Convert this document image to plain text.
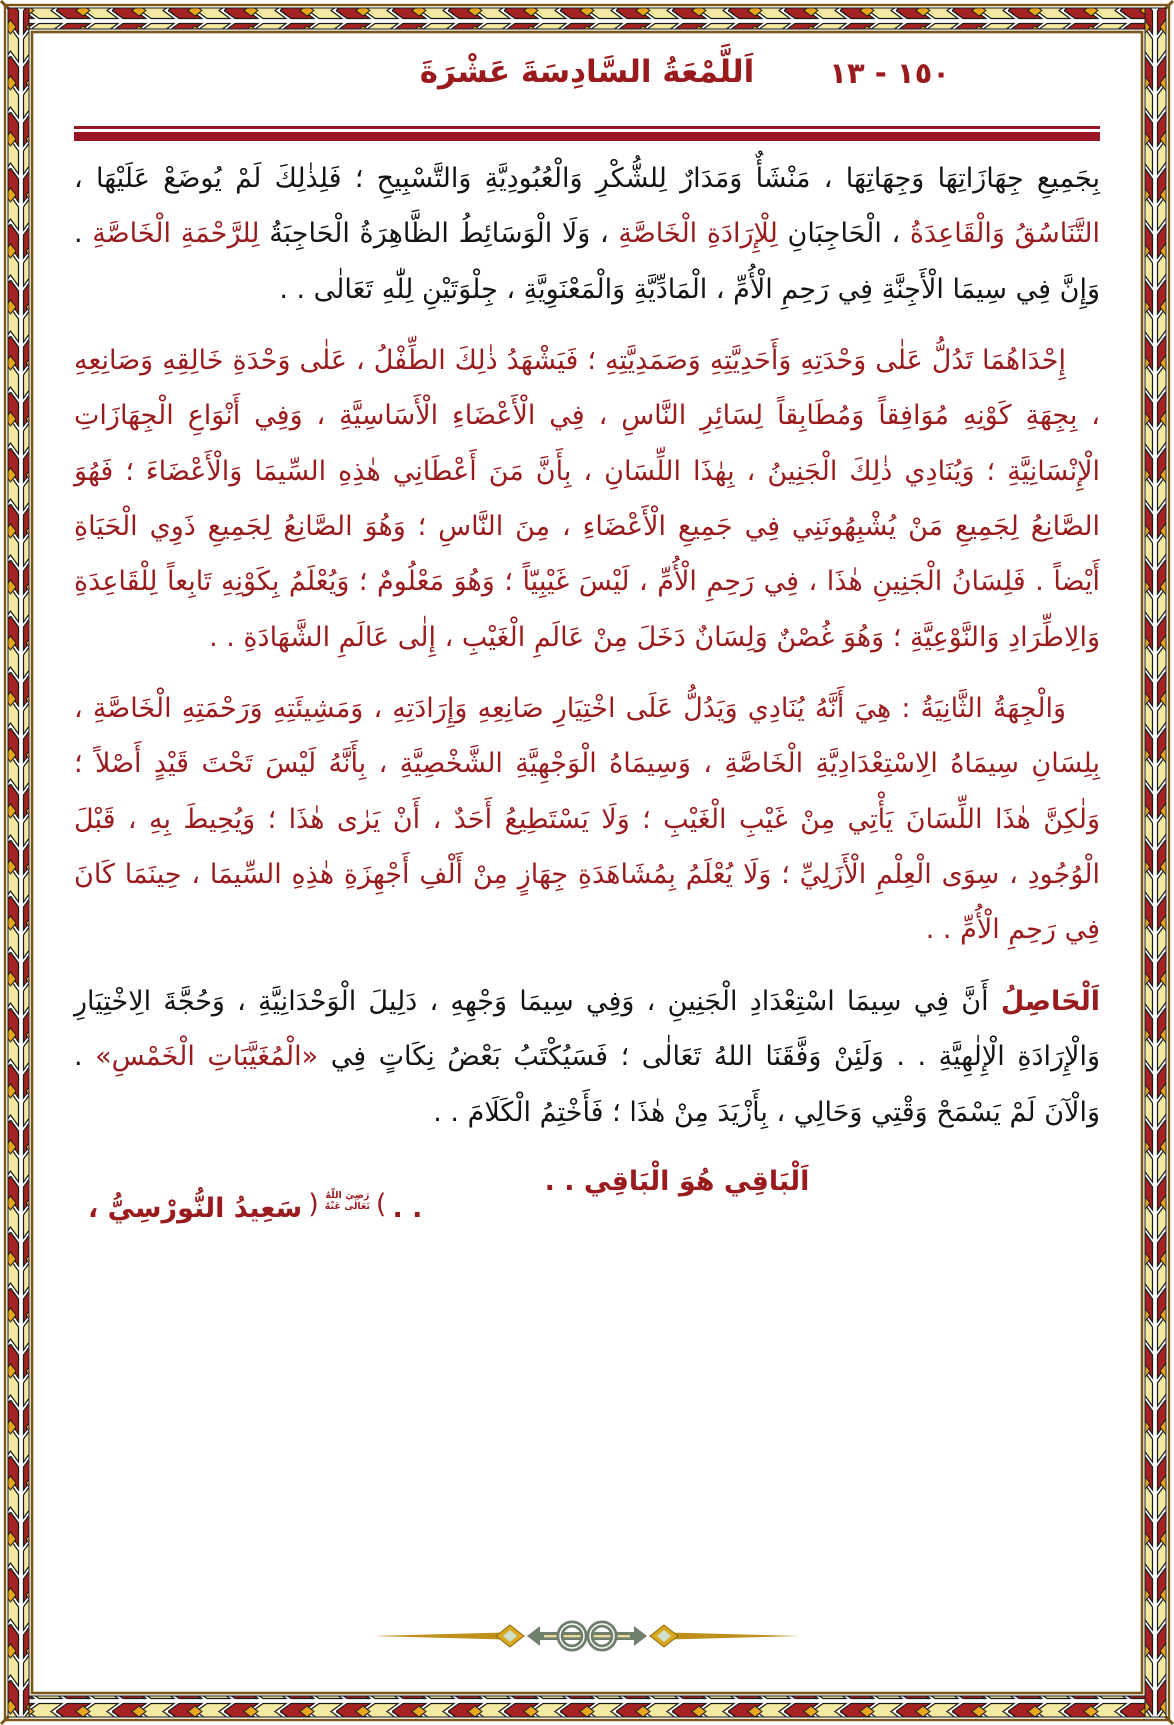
١٥٠ - ١٣
اَللَّمْعَةُ السَّادِسَةَ عَشْرَةَ

بِجَمِيعِ جِهَازَاتِهَا وَجِهَاتِهَا ، مَنْشَأٌ وَمَدَارٌ لِلشُّكْرِ وَالْعُبُودِيَّةِ وَالتَّسْبِيحِ ؛ فَلِذٰلِكَ لَمْ يُوضَعْ عَلَيْهَا ، التَّنَاسُقُ وَالْقَاعِدَةُ ، الْحَاجِبَانِ لِلْإِرَادَةِ الْخَاصَّةِ ، وَلَا الْوَسَائِطُ الظَّاهِرَةُ الْحَاجِبَةُ لِلرَّحْمَةِ الْخَاصَّةِ . وَإِنَّ فِي سِيمَا الْأَجِنَّةِ فِي رَحِمِ الْأُمِّ ، الْمَادِّيَّةِ وَالْمَعْنَوِيَّةِ ، جِلْوَتَيْنِ لِلّٰهِ تَعَالٰى . .

إِحْدَاهُمَا تَدُلُّ عَلٰى وَحْدَتِهِ وَأَحَدِيَّتِهِ وَصَمَدِيَّتِهِ ؛ فَيَشْهَدُ ذٰلِكَ الطِّفْلُ ، عَلٰى وَحْدَةِ خَالِقِهِ وَصَانِعِهِ ، بِجِهَةِ كَوْنِهِ مُوَافِقاً وَمُطَابِقاً لِسَائِرِ النَّاسِ ، فِي الْأَعْضَاءِ الْأَسَاسِيَّةِ ، وَفِي أَنْوَاعِ الْجِهَازَاتِ الْإِنْسَانِيَّةِ ؛ وَيُنَادِي ذٰلِكَ الْجَنِينُ ، بِهٰذَا اللِّسَانِ ، بِأَنَّ مَنَ أَعْطَانِي هٰذِهِ السِّيمَا وَالْأَعْضَاءَ ؛ فَهُوَ الصَّانِعُ لِجَمِيعِ مَنْ يُشْبِهُونَنِي فِي جَمِيعِ الْأَعْضَاءِ ، مِنَ النَّاسِ ؛ وَهُوَ الصَّانِعُ لِجَمِيعِ ذَوِي الْحَيَاةِ أَيْضاً . فَلِسَانُ الْجَنِينِ هٰذَا ، فِي رَحِمِ الْأُمِّ ، لَيْسَ غَيْبِيّاً ؛ وَهُوَ مَعْلُومٌ ؛ وَيُعْلَمُ بِكَوْنِهِ تَابِعاً لِلْقَاعِدَةِ وَالِاطِّرَادِ وَالنَّوْعِيَّةِ ؛ وَهُوَ غُصْنٌ وَلِسَانٌ دَخَلَ مِنْ عَالَمِ الْغَيْبِ ، إِلٰى عَالَمِ الشَّهَادَةِ . .

وَالْجِهَةُ الثَّانِيَةُ : هِيَ أَنَّهُ يُنَادِي وَيَدُلُّ عَلَى اخْتِيَارِ صَانِعِهِ وَإِرَادَتِهِ ، وَمَشِيئَتِهِ وَرَحْمَتِهِ الْخَاصَّةِ ، بِلِسَانِ سِيمَاهُ الِاسْتِعْدَادِيَّةِ الْخَاصَّةِ ، وَسِيمَاهُ الْوَجْهِيَّةِ الشَّخْصِيَّةِ ، بِأَنَّهُ لَيْسَ تَحْتَ قَيْدٍ أَصْلاً ؛ وَلٰكِنَّ هٰذَا اللِّسَانَ يَأْتِي مِنْ غَيْبِ الْغَيْبِ ؛ وَلَا يَسْتَطِيعُ أَحَدٌ ، أَنْ يَرٰى هٰذَا ؛ وَيُحِيطَ بِهِ ، قَبْلَ الْوُجُودِ ، سِوَى الْعِلْمِ الْأَزَلِيِّ ؛ وَلَا يُعْلَمُ بِمُشَاهَدَةِ جِهَازٍ مِنْ أَلْفِ أَجْهِزَةِ هٰذِهِ السِّيمَا ، حِينَمَا كَانَ فِي رَحِمِ الْأُمِّ . .

اَلْحَاصِلُ أَنَّ فِي سِيمَا اسْتِعْدَادِ الْجَنِينِ ، وَفِي سِيمَا وَجْهِهِ ، دَلِيلَ الْوَحْدَانِيَّةِ ، وَحُجَّةَ الِاخْتِيَارِ وَالْإِرَادَةِ الْإِلٰهِيَّةِ . . وَلَئِنْ وَفَّقَنَا اللهُ تَعَالٰى ؛ فَسَيُكْتَبُ بَعْضُ نِكَاتٍ فِي «الْمُغَيَّبَاتِ الْخَمْسِ» . وَالْآنَ لَمْ يَسْمَحْ وَقْتِي وَحَالِي ، بِأَزْيَدَ مِنْ هٰذَا ؛ فَأَخْتِمُ الْكَلَامَ . .

اَلْبَاقِي هُوَ الْبَاقِي . .
سَعِيدُ النُّورْسِيُّ ، ( رَضِيَ اللّٰهُ
تَعَالٰى عَنْهُ ) . .
